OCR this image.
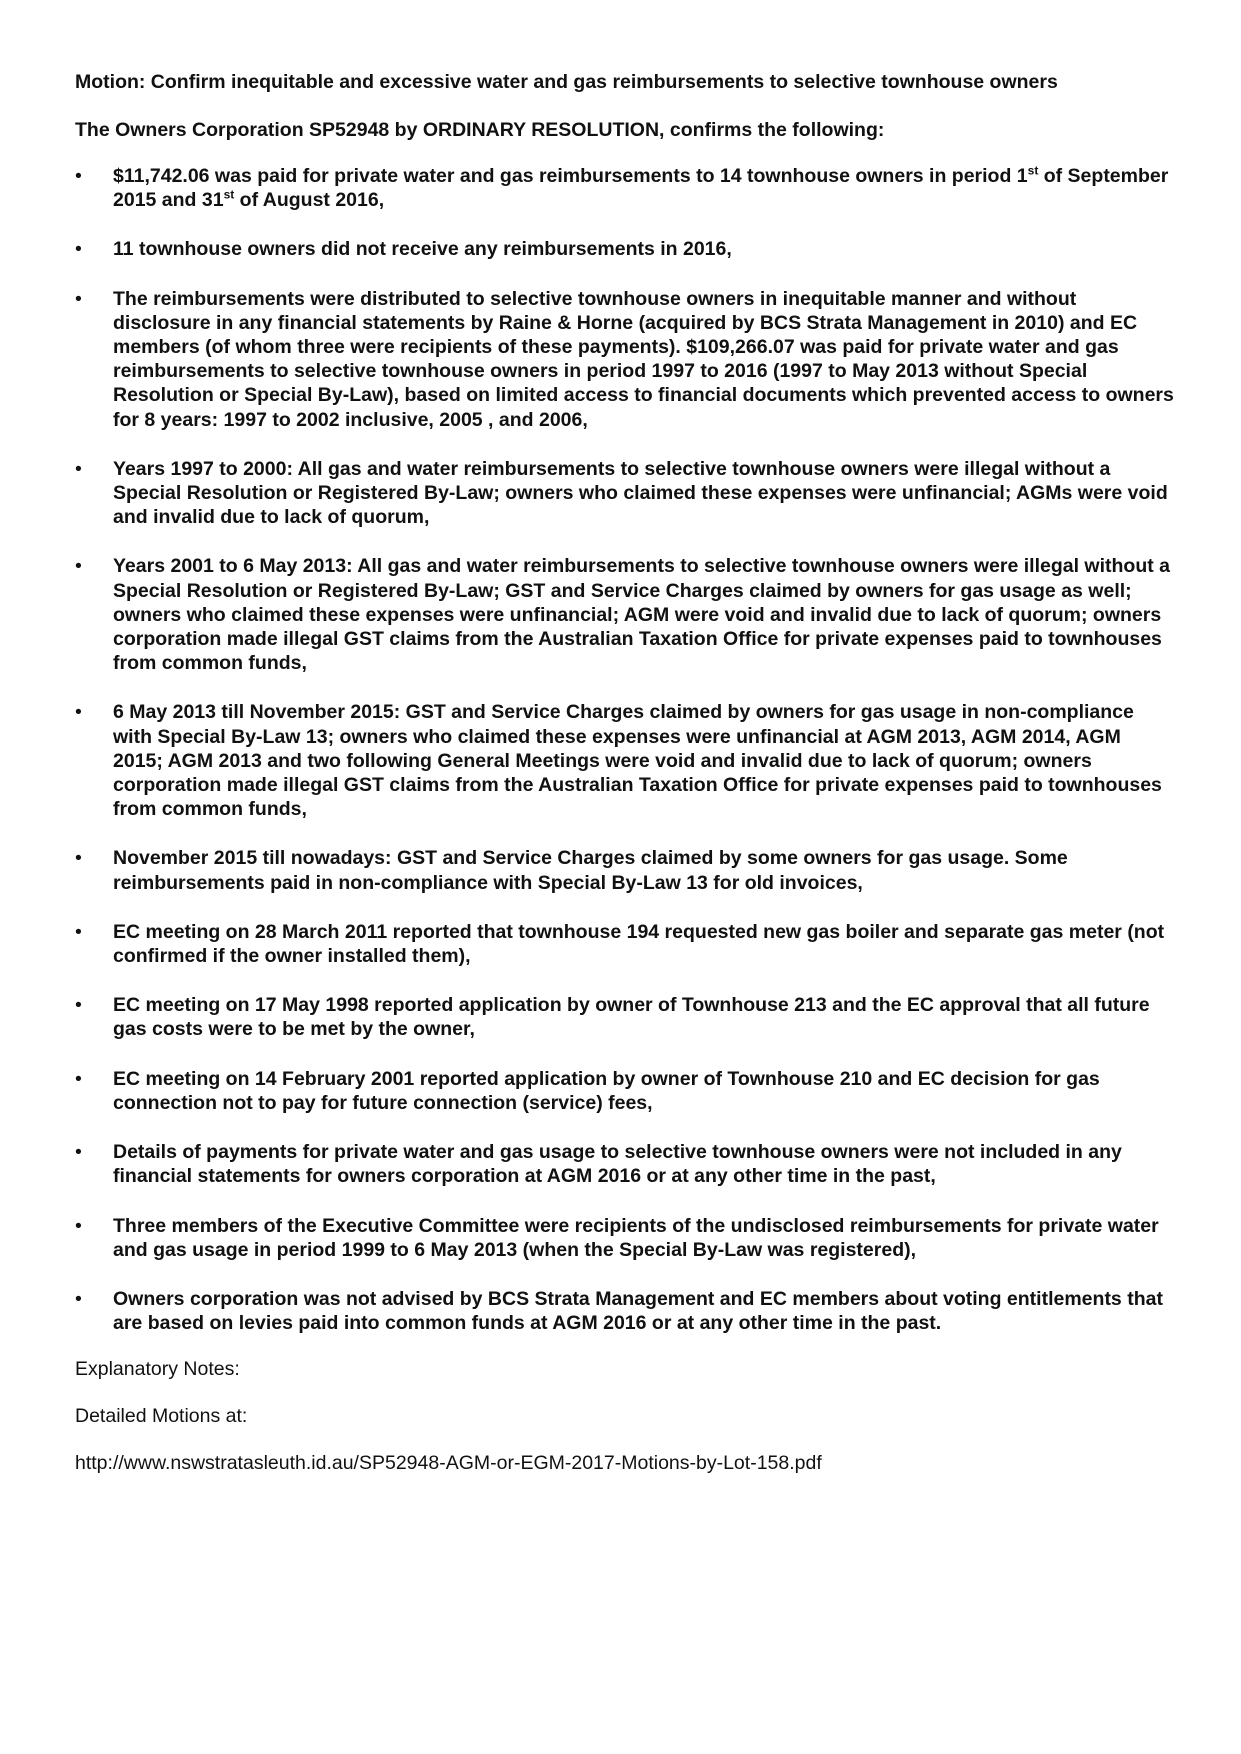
Motion: Confirm inequitable and excessive water and gas reimbursements to selective townhouse owners

The Owners Corporation SP52948 by ORDINARY RESOLUTION, confirms the following:

•	$11,742.06 was paid for private water and gas reimbursements to 14 townhouse owners in period 1st of September 2015 and 31st of August 2016,
•	11 townhouse owners did not receive any reimbursements in 2016,
•	The reimbursements were distributed to selective townhouse owners in inequitable manner and without disclosure in any financial statements by Raine & Horne (acquired by BCS Strata Management in 2010) and EC members (of whom three were recipients of these payments). $109,266.07 was paid for private water and gas reimbursements to selective townhouse owners in period 1997 to 2016 (1997 to May 2013 without Special Resolution or Special By-Law), based on limited access to financial documents which prevented access to owners for 8 years: 1997 to 2002 inclusive, 2005 , and 2006,
•	Years 1997 to 2000: All gas and water reimbursements to selective townhouse owners were illegal without a Special Resolution or Registered By-Law; owners who claimed these expenses were unfinancial; AGMs were void and invalid due to lack of quorum,
•	Years 2001 to 6 May 2013: All gas and water reimbursements to selective townhouse owners were illegal without a Special Resolution or Registered By-Law; GST and Service Charges claimed by owners for gas usage as well; owners who claimed these expenses were unfinancial; AGM were void and invalid due to lack of quorum; owners corporation made illegal GST claims from the Australian Taxation Office for private expenses paid to townhouses from common funds,
•	6 May 2013 till November 2015: GST and Service Charges claimed by owners for gas usage in non-compliance with Special By-Law 13; owners who claimed these expenses were unfinancial at AGM 2013, AGM 2014, AGM 2015; AGM 2013 and two following General Meetings were void and invalid due to lack of quorum; owners corporation made illegal GST claims from the Australian Taxation Office for private expenses paid to townhouses from common funds,
•	November 2015 till nowadays: GST and Service Charges claimed by some owners for gas usage. Some reimbursements paid in non-compliance with Special By-Law 13 for old invoices,
•	EC meeting on 28 March 2011 reported that townhouse 194 requested new gas boiler and separate gas meter (not confirmed if the owner installed them),
•	EC meeting on 17 May 1998 reported application by owner of Townhouse 213 and the EC approval that all future gas costs were to be met by the owner,
•	EC meeting on 14 February 2001 reported application by owner of Townhouse 210 and EC decision for gas connection not to pay for future connection (service) fees,
•	Details of payments for private water and gas usage to selective townhouse owners were not included in any financial statements for owners corporation at AGM 2016 or at any other time in the past,
•	Three members of the Executive Committee were recipients of the undisclosed reimbursements for private water and gas usage in period 1999 to 6 May 2013 (when the Special By-Law was registered),
•	Owners corporation was not advised by BCS Strata Management and EC members about voting entitlements that are based on levies paid into common funds at AGM 2016 or at any other time in the past.

Explanatory Notes:

Detailed Motions at:

http://www.nswstratasleuth.id.au/SP52948-AGM-or-EGM-2017-Motions-by-Lot-158.pdf
